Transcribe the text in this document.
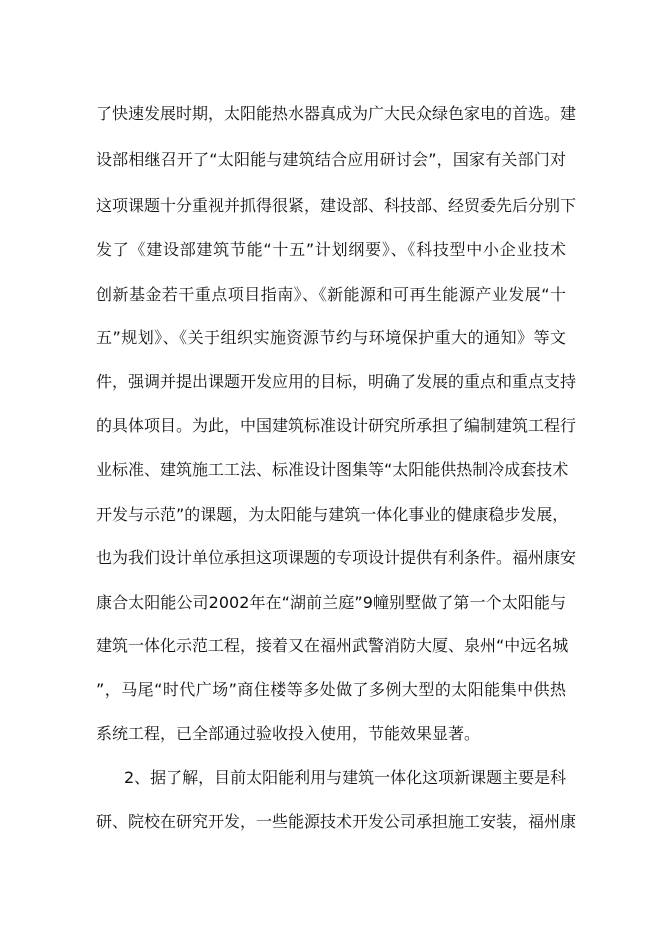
了快速发展时期，太阳能热水器真成为广大民众绿色家电的首选。建
设部相继召开了“太阳能与建筑结合应用研讨会”，国家有关部门对
这项课题十分重视并抓得很紧，建设部、科技部、经贸委先后分别下
发了《建设部建筑节能“十五”计划纲要》、《科技型中小企业技术
创新基金若干重点项目指南》、《新能源和可再生能源产业发展“十
五”规划》、《关于组织实施资源节约与环境保护重大的通知》等文
件，强调并提出课题开发应用的目标，明确了发展的重点和重点支持
的具体项目。为此，中国建筑标准设计研究所承担了编制建筑工程行
业标准、建筑施工工法、标准设计图集等“太阳能供热制冷成套技术
开发与示范”的课题，为太阳能与建筑一体化事业的健康稳步发展，
也为我们设计单位承担这项课题的专项设计提供有利条件。福州康安
康合太阳能公司2002年在“湖前兰庭”9幢别墅做了第一个太阳能与
建筑一体化示范工程，接着又在福州武警消防大厦、泉州“中远名城
”，马尾“时代广场”商住楼等多处做了多例大型的太阳能集中供热
系统工程，已全部通过验收投入使用，节能效果显著。
2、据了解，目前太阳能利用与建筑一体化这项新课题主要是科
研、院校在研究开发，一些能源技术开发公司承担施工安装，福州康
